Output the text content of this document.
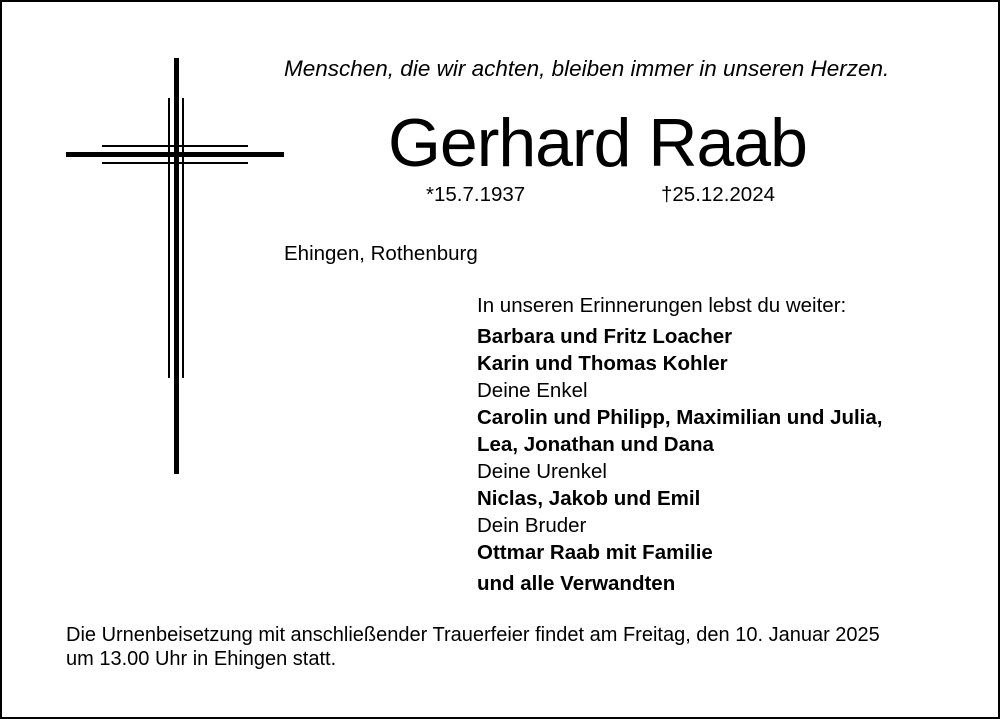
Menschen, die wir achten, bleiben immer in unseren Herzen.
Gerhard Raab
*15.7.1937	†25.12.2024
Ehingen, Rothenburg
In unseren Erinnerungen lebst du weiter:
Barbara und Fritz Loacher
Karin und Thomas Kohler
Deine Enkel
Carolin und Philipp, Maximilian und Julia,
Lea, Jonathan und Dana
Deine Urenkel
Niclas, Jakob und Emil
Dein Bruder
Ottmar Raab mit Familie
und alle Verwandten
Die Urnenbeisetzung mit anschließender Trauerfeier findet am Freitag, den 10. Januar 2025
um 13.00 Uhr in Ehingen statt.
